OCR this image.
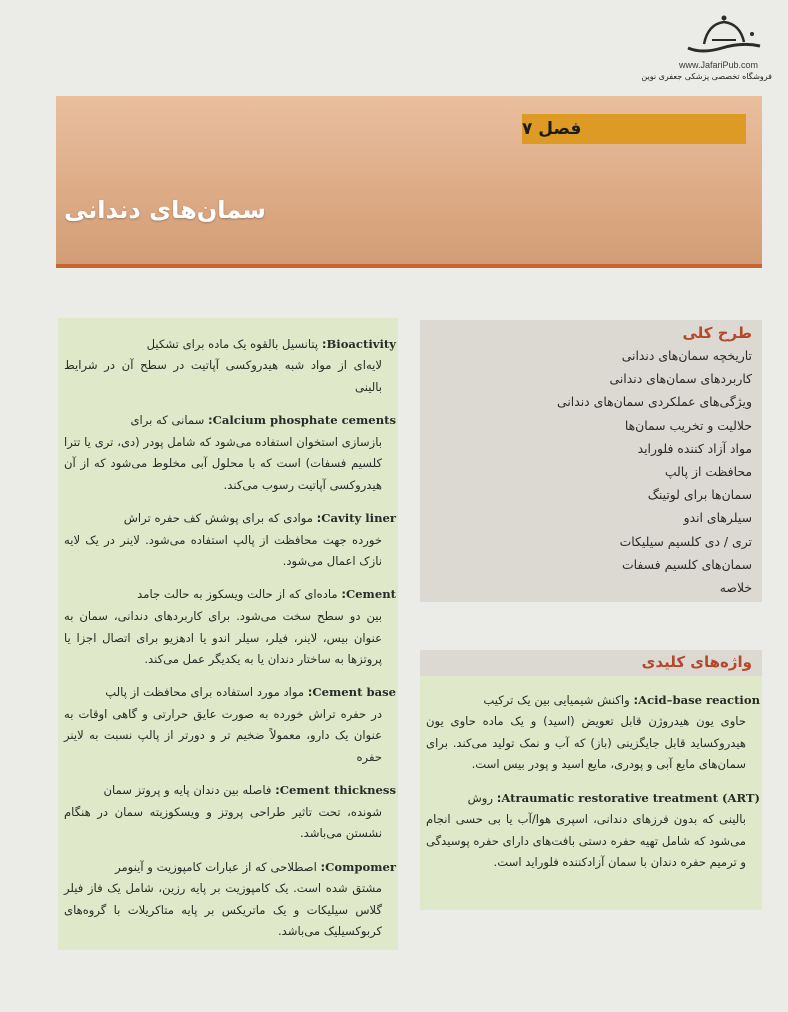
www.JafariPub.com
فروشگاه تخصصی پزشکی جعفری نوین
فصل ۷
سمان‌های دندانی

Bioactivity: پتانسیل بالقوه یک ماده برای تشکیل
لایه‌ای از مواد شبه هیدروکسی آپاتیت در سطح آن در شرایط بالینی

Calcium phosphate cements: سمانی که برای
بازسازی استخوان استفاده می‌شود که شامل پودر (دی، تری یا تترا کلسیم فسفات) است که با محلول آبی مخلوط می‌شود که از آن هیدروکسی آپاتیت رسوب می‌کند.

Cavity liner: موادی که برای پوشش کف حفره تراش
خورده جهت محافظت از پالپ استفاده می‌شود. لاینر در یک لایه نازک اعمال می‌شود.

Cement: ماده‌ای که از حالت ویسکوز به حالت جامد
بین دو سطح سخت می‌شود. برای کاربردهای دندانی، سمان به عنوان بیس، لاینر، فیلر، سیلر اندو یا ادهزیو برای اتصال اجزا یا پروتزها به ساختار دندان یا به یکدیگر عمل می‌کند.

Cement base: مواد مورد استفاده برای محافظت از پالپ
در حفره تراش خورده به صورت عایق حرارتی و گاهی اوقات به عنوان یک دارو، معمولاً ضخیم تر و دورتر از پالپ نسبت به لاینر حفره

Cement thickness: فاصله بین دندان پایه و پروتز سمان
شونده، تحت تاثیر طراحی پروتز و ویسکوزیته سمان در هنگام نشستن می‌باشد.

Compomer: اصطلاحی که از عبارات کامپوزیت و آینومر
مشتق شده است. یک کامپوزیت بر پایه رزین، شامل یک فاز فیلر گلاس سیلیکات و یک ماتریکس بر پایه متاکریلات با گروه‌های کربوکسیلیک می‌باشد.

طرح کلی
تاریخچه سمان‌های دندانی
کاربردهای سمان‌های دندانی
ویژگی‌های عملکردی سمان‌های دندانی
حلالیت و تخریب سمان‌ها
مواد آزاد کننده فلوراید
محافظت از پالپ
سمان‌ها برای لوتینگ
سیلرهای اندو
تری / دی کلسیم سیلیکات
سمان‌های کلسیم فسفات
خلاصه
واژه‌های کلیدی

Acid–base reaction: واکنش شیمیایی بین یک ترکیب
حاوی یون هیدروژن قابل تعویض (اسید) و یک ماده حاوی یون هیدروکساید قابل جایگزینی (باز) که آب و نمک تولید می‌کند. برای سمان‌های مایع آبی و پودری، مایع اسید و پودر بیس است.

Atraumatic restorative treatment (ART): روش
بالینی که بدون فرزهای دندانی، اسپری هوا/آب یا بی حسی انجام می‌شود که شامل تهیه حفره دستی بافت‌های دارای حفره پوسیدگی و ترمیم حفره دندان با سمان آزادکننده فلوراید است.
